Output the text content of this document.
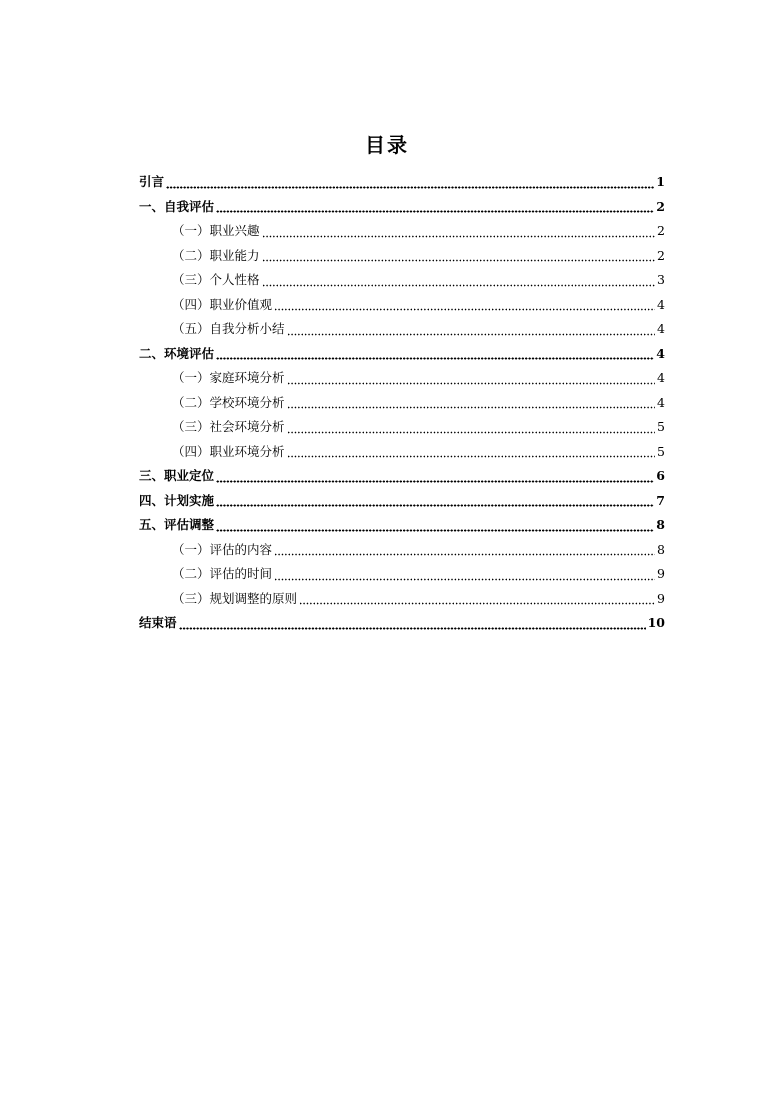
目录
引言	1
一、自我评估	2
（一）职业兴趣	2
（二）职业能力	2
（三）个人性格	3
（四）职业价值观	4
（五）自我分析小结	4
二、环境评估	4
（一）家庭环境分析	4
（二）学校环境分析	4
（三）社会环境分析	5
（四）职业环境分析	5
三、职业定位	6
四、计划实施	7
五、评估调整	8
（一）评估的内容	8
（二）评估的时间	9
（三）规划调整的原则	9
结束语	10
